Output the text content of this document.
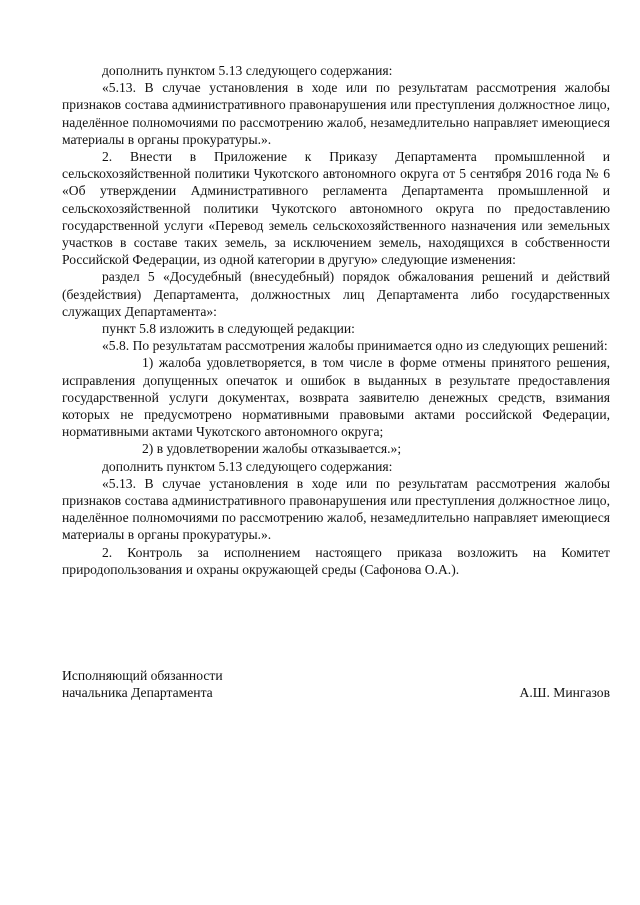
дополнить пунктом 5.13 следующего содержания:

«5.13. В случае установления в ходе или по результатам рассмотрения жалобы признаков состава административного правонарушения или преступления должностное лицо, наделённое полномочиями по рассмотрению жалоб, незамедлительно направляет имеющиеся материалы в органы прокуратуры.».

2. Внести в Приложение к Приказу Департамента промышленной и сельскохозяйственной политики Чукотского автономного округа от 5 сентября 2016 года № 6 «Об утверждении Административного регламента Департамента промышленной и сельскохозяйственной политики Чукотского автономного округа по предоставлению государственной услуги «Перевод земель сельскохозяйственного назначения или земельных участков в составе таких земель, за исключением земель, находящихся в собственности Российской Федерации, из одной категории в другую» следующие изменения:

раздел 5 «Досудебный (внесудебный) порядок обжалования решений и действий (бездействия) Департамента, должностных лиц Департамента либо государственных служащих Департамента»:

пункт 5.8 изложить в следующей редакции:

«5.8. По результатам рассмотрения жалобы принимается одно из следующих решений:

1) жалоба удовлетворяется, в том числе в форме отмены принятого решения, исправления допущенных опечаток и ошибок в выданных в результате предоставления государственной услуги документах, возврата заявителю денежных средств, взимания которых не предусмотрено нормативными правовыми актами российской Федерации, нормативными актами Чукотского автономного округа;

2) в удовлетворении жалобы отказывается.»;

дополнить пунктом 5.13 следующего содержания:

«5.13. В случае установления в ходе или по результатам рассмотрения жалобы признаков состава административного правонарушения или преступления должностное лицо, наделённое полномочиями по рассмотрению жалоб, незамедлительно направляет имеющиеся материалы в органы прокуратуры.».

2. Контроль за исполнением настоящего приказа возложить на Комитет природопользования и охраны окружающей среды (Сафонова О.А.).

Исполняющий обязанности
начальника Департамента	А.Ш. Мингазов
